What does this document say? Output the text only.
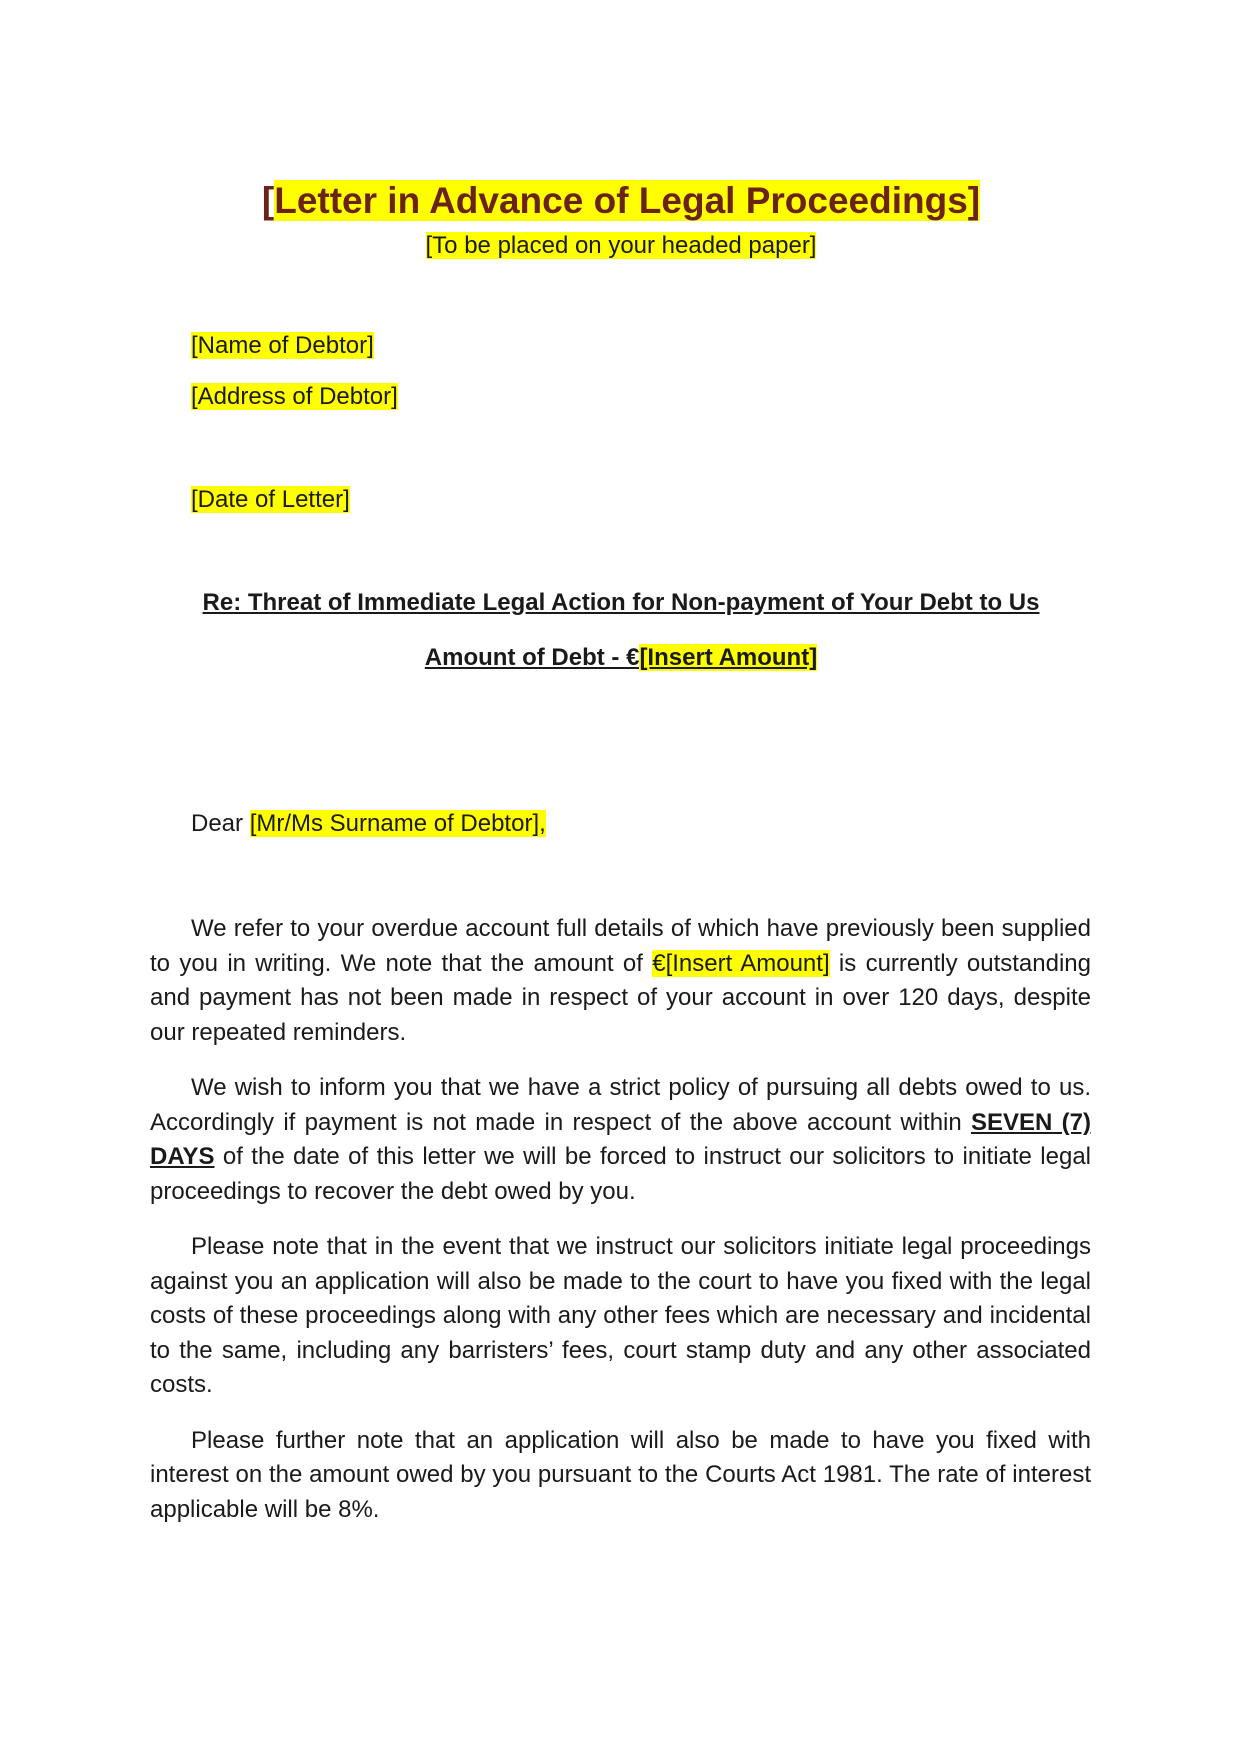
[Letter in Advance of Legal Proceedings]
[To be placed on your headed paper]
[Name of Debtor]
[Address of Debtor]
[Date of Letter]
Re: Threat of Immediate Legal Action for Non-payment of Your Debt to Us
Amount of Debt - €[Insert Amount]
Dear [Mr/Ms Surname of Debtor],

We refer to your overdue account full details of which have previously been supplied to you in writing. We note that the amount of €[Insert Amount] is currently outstanding and payment has not been made in respect of your account in over 120 days, despite our repeated reminders.

We wish to inform you that we have a strict policy of pursuing all debts owed to us. Accordingly if payment is not made in respect of the above account within SEVEN (7) DAYS of the date of this letter we will be forced to instruct our solicitors to initiate legal proceedings to recover the debt owed by you.

Please note that in the event that we instruct our solicitors initiate legal proceedings against you an application will also be made to the court to have you fixed with the legal costs of these proceedings along with any other fees which are necessary and incidental to the same, including any barristers’ fees, court stamp duty and any other associated costs.

Please further note that an application will also be made to have you fixed with interest on the amount owed by you pursuant to the Courts Act 1981. The rate of interest applicable will be 8%.
